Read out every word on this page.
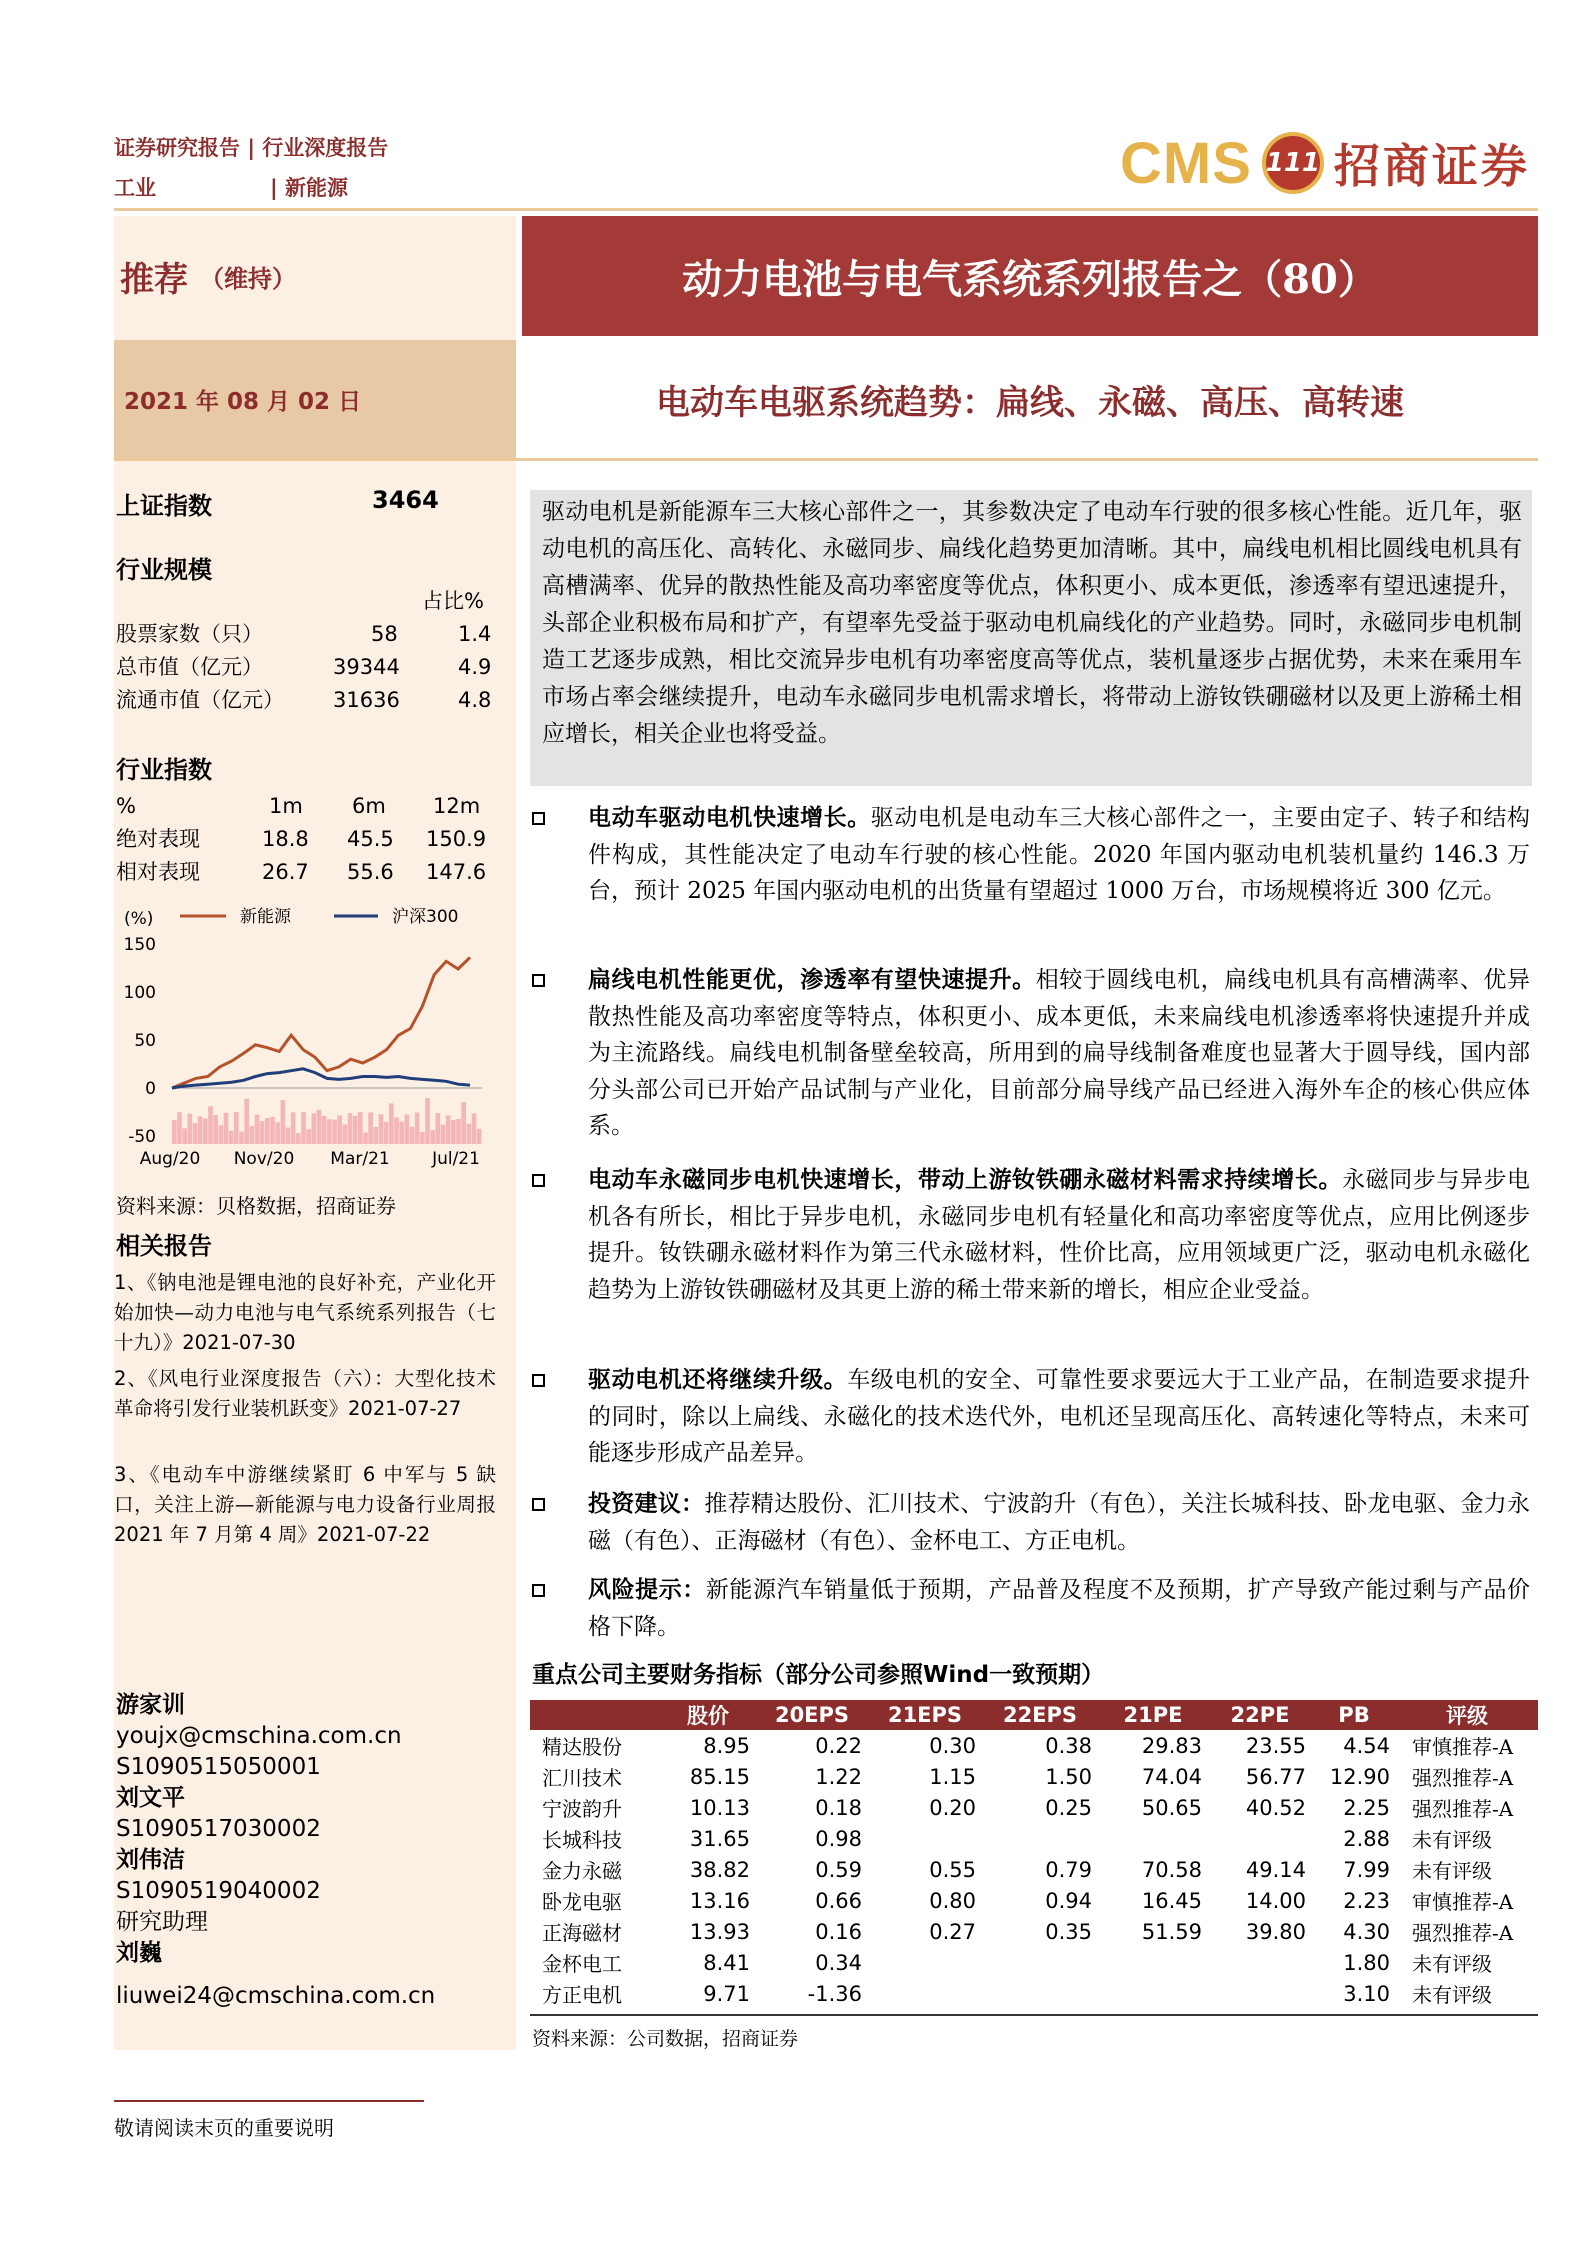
证券研究报告 | 行业深度报告
工业	| 新能源	CMS 111 招商证券
推荐 （维持）	动力电池与电气系统系列报告之（80）
2021 年 08 月 02 日	电动车电驱系统趋势：扁线、永磁、高压、高转速
上证指数	3464
行业规模
占比%
股票家数（只）	58	1.4
总市值（亿元）	39344	4.9
流通市值（亿元） 31636	4.8
行业指数
%	1m 6m 12m
绝对表现	18.8 45.5 150.9
相对表现	26.7 55.6 147.6
(%)	新能源	沪深300
150
100
50
0
-50
Aug/20 Nov/20 Mar/21 Jul/21
资料来源：贝格数据，招商证券
相关报告
1、《钠电池是锂电池的良好补充，产业化开始加快—动力电池与电气系统系列报告（七十九）》2021-07-30
2、《风电行业深度报告（六）：大型化技术革命将引发行业装机跃变》2021-07-27
3、《电动车中游继续紧盯 6 中军与 5 缺口，关注上游—新能源与电力设备行业周报 2021 年 7 月第 4 周》2021-07-22
游家训
youjx@cmschina.com.cn
S1090515050001
刘文平
S1090517030002
刘伟洁
S1090519040002
研究助理
刘巍
liuwei24@cmschina.com.cn
驱动电机是新能源车三大核心部件之一，其参数决定了电动车行驶的很多核心性能。近几年，驱动电机的高压化、高转化、永磁同步、扁线化趋势更加清晰。其中，扁线电机相比圆线电机具有高槽满率、优异的散热性能及高功率密度等优点，体积更小、成本更低，渗透率有望迅速提升，头部企业积极布局和扩产，有望率先受益于驱动电机扁线化的产业趋势。同时，永磁同步电机制造工艺逐步成熟，相比交流异步电机有功率密度高等优点，装机量逐步占据优势，未来在乘用车市场占率会继续提升，电动车永磁同步电机需求增长，将带动上游钕铁硼磁材以及更上游稀土相应增长，相关企业也将受益。
电动车驱动电机快速增长。驱动电机是电动车三大核心部件之一，主要由定子、转子和结构件构成，其性能决定了电动车行驶的核心性能。2020 年国内驱动电机装机量约 146.3 万台，预计 2025 年国内驱动电机的出货量有望超过 1000 万台，市场规模将近 300 亿元。
扁线电机性能更优，渗透率有望快速提升。相较于圆线电机，扁线电机具有高槽满率、优异散热性能及高功率密度等特点，体积更小、成本更低，未来扁线电机渗透率将快速提升并成为主流路线。扁线电机制备壁垒较高，所用到的扁导线制备难度也显著大于圆导线，国内部分头部公司已开始产品试制与产业化，目前部分扁导线产品已经进入海外车企的核心供应体系。
电动车永磁同步电机快速增长，带动上游钕铁硼永磁材料需求持续增长。永磁同步与异步电机各有所长，相比于异步电机，永磁同步电机有轻量化和高功率密度等优点，应用比例逐步提升。钕铁硼永磁材料作为第三代永磁材料，性价比高，应用领域更广泛，驱动电机永磁化趋势为上游钕铁硼磁材及其更上游的稀土带来新的增长，相应企业受益。
驱动电机还将继续升级。车级电机的安全、可靠性要求要远大于工业产品，在制造要求提升的同时，除以上扁线、永磁化的技术迭代外，电机还呈现高压化、高转速化等特点，未来可能逐步形成产品差异。
投资建议：推荐精达股份、汇川技术、宁波韵升（有色），关注长城科技、卧龙电驱、金力永磁（有色）、正海磁材（有色）、金杯电工、方正电机。
风险提示：新能源汽车销量低于预期，产品普及程度不及预期，扩产导致产能过剩与产品价格下降。
重点公司主要财务指标（部分公司参照Wind一致预期）
	股价	20EPS	21EPS	22EPS	21PE	22PE	PB	评级
精达股份	8.95	0.22	0.30	0.38	29.83	23.55	4.54	审慎推荐-A
汇川技术	85.15	1.22	1.15	1.50	74.04	56.77	12.90	强烈推荐-A
宁波韵升	10.13	0.18	0.20	0.25	50.65	40.52	2.25	强烈推荐-A
长城科技	31.65	0.98					2.88	未有评级
金力永磁	38.82	0.59	0.55	0.79	70.58	49.14	7.99	未有评级
卧龙电驱	13.16	0.66	0.80	0.94	16.45	14.00	2.23	审慎推荐-A
正海磁材	13.93	0.16	0.27	0.35	51.59	39.80	4.30	强烈推荐-A
金杯电工	8.41	0.34					1.80	未有评级
方正电机	9.71	-1.36					3.10	未有评级
资料来源：公司数据，招商证券
敬请阅读末页的重要说明
